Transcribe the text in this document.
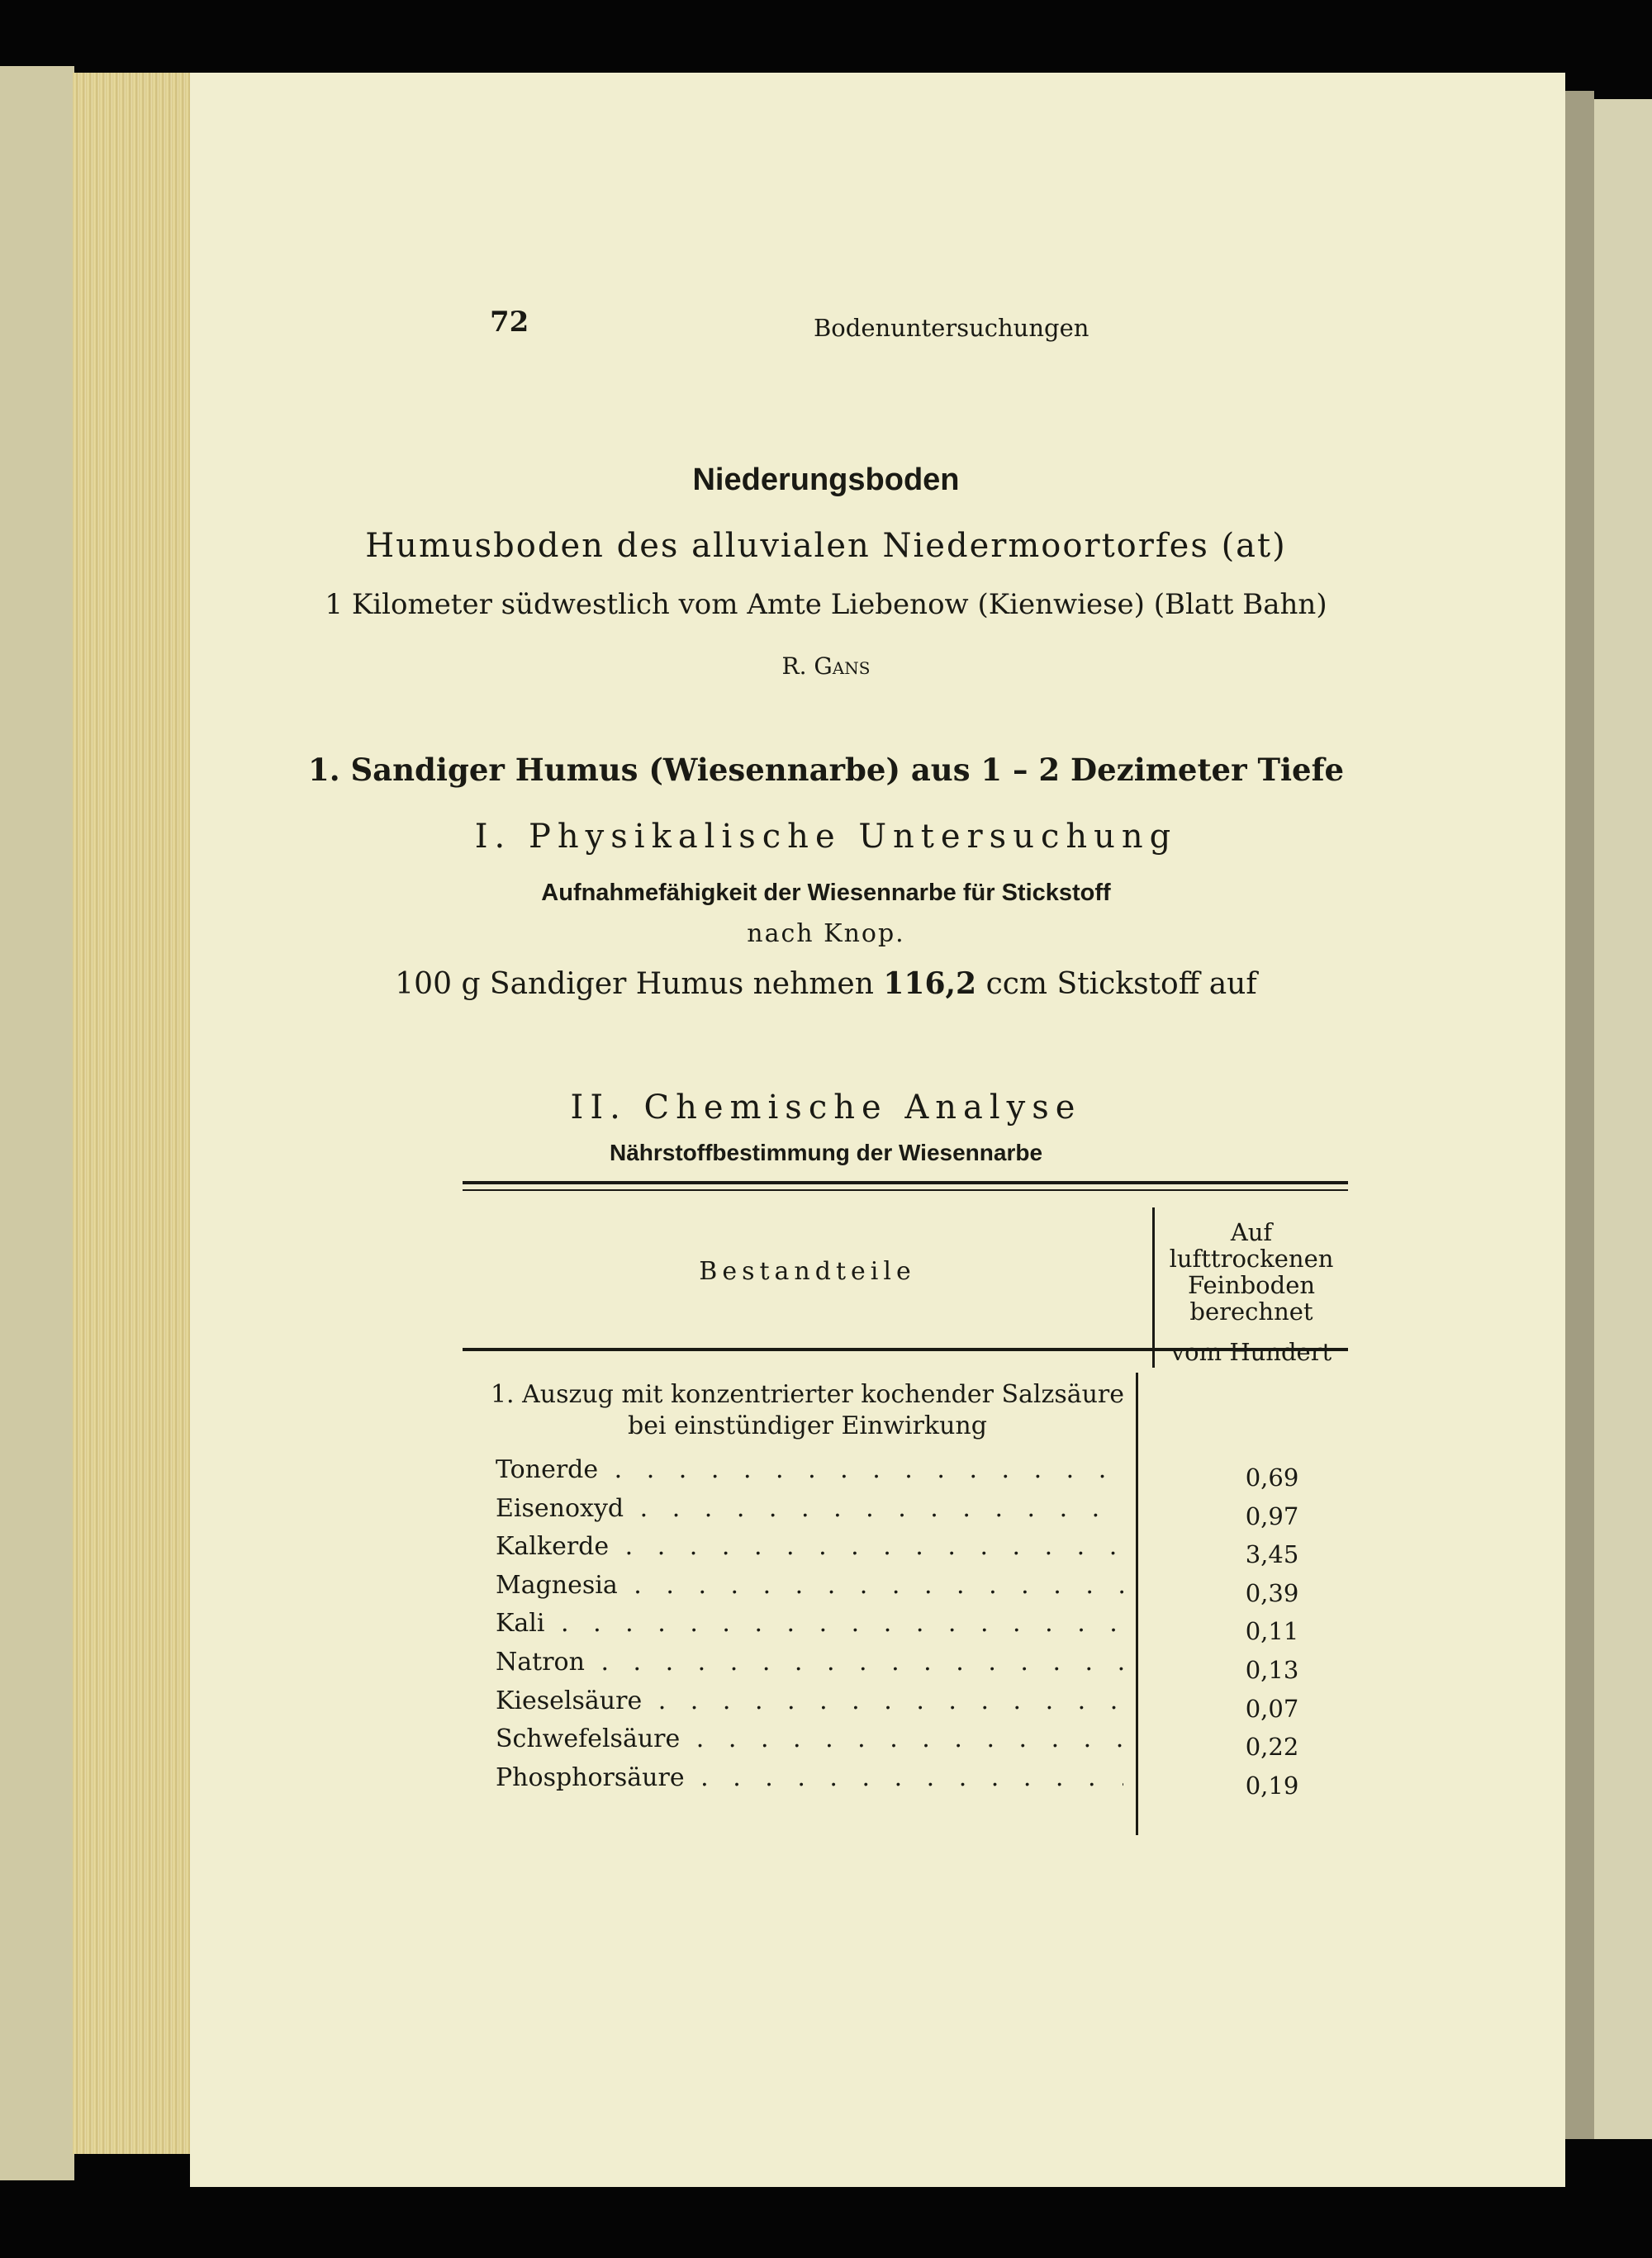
72	Bodenuntersuchungen
Niederungsboden
Humusboden des alluvialen Niedermoortorfes (at)
1 Kilometer südwestlich vom Amte Liebenow (Kienwiese) (Blatt Bahn)
R. Gans
1. Sandiger Humus (Wiesennarbe) aus 1 – 2 Dezimeter Tiefe
I. Physikalische Untersuchung
Aufnahmefähigkeit der Wiesennarbe für Stickstoff
nach Knop.
100 g Sandiger Humus nehmen 116,2 ccm Stickstoff auf
II. Chemische Analyse
Nährstoffbestimmung der Wiesennarbe
Bestandteile
Auf
lufttrockenen
Feinboden
berechnet
vom Hundert
1. Auszug mit konzentrierter kochender Salzsäure
bei einstündiger Einwirkung
Tonerde . . .	0,69
Eisenoxyd . . .	0,97
Kalkerde . . .	3,45
Magnesia . . .	0,39
Kali . . .	0,11
Natron . . .	0,13
Kieselsäure . . .	0,07
Schwefelsäure . . .	0,22
Phosphorsäure . . .	0,19
